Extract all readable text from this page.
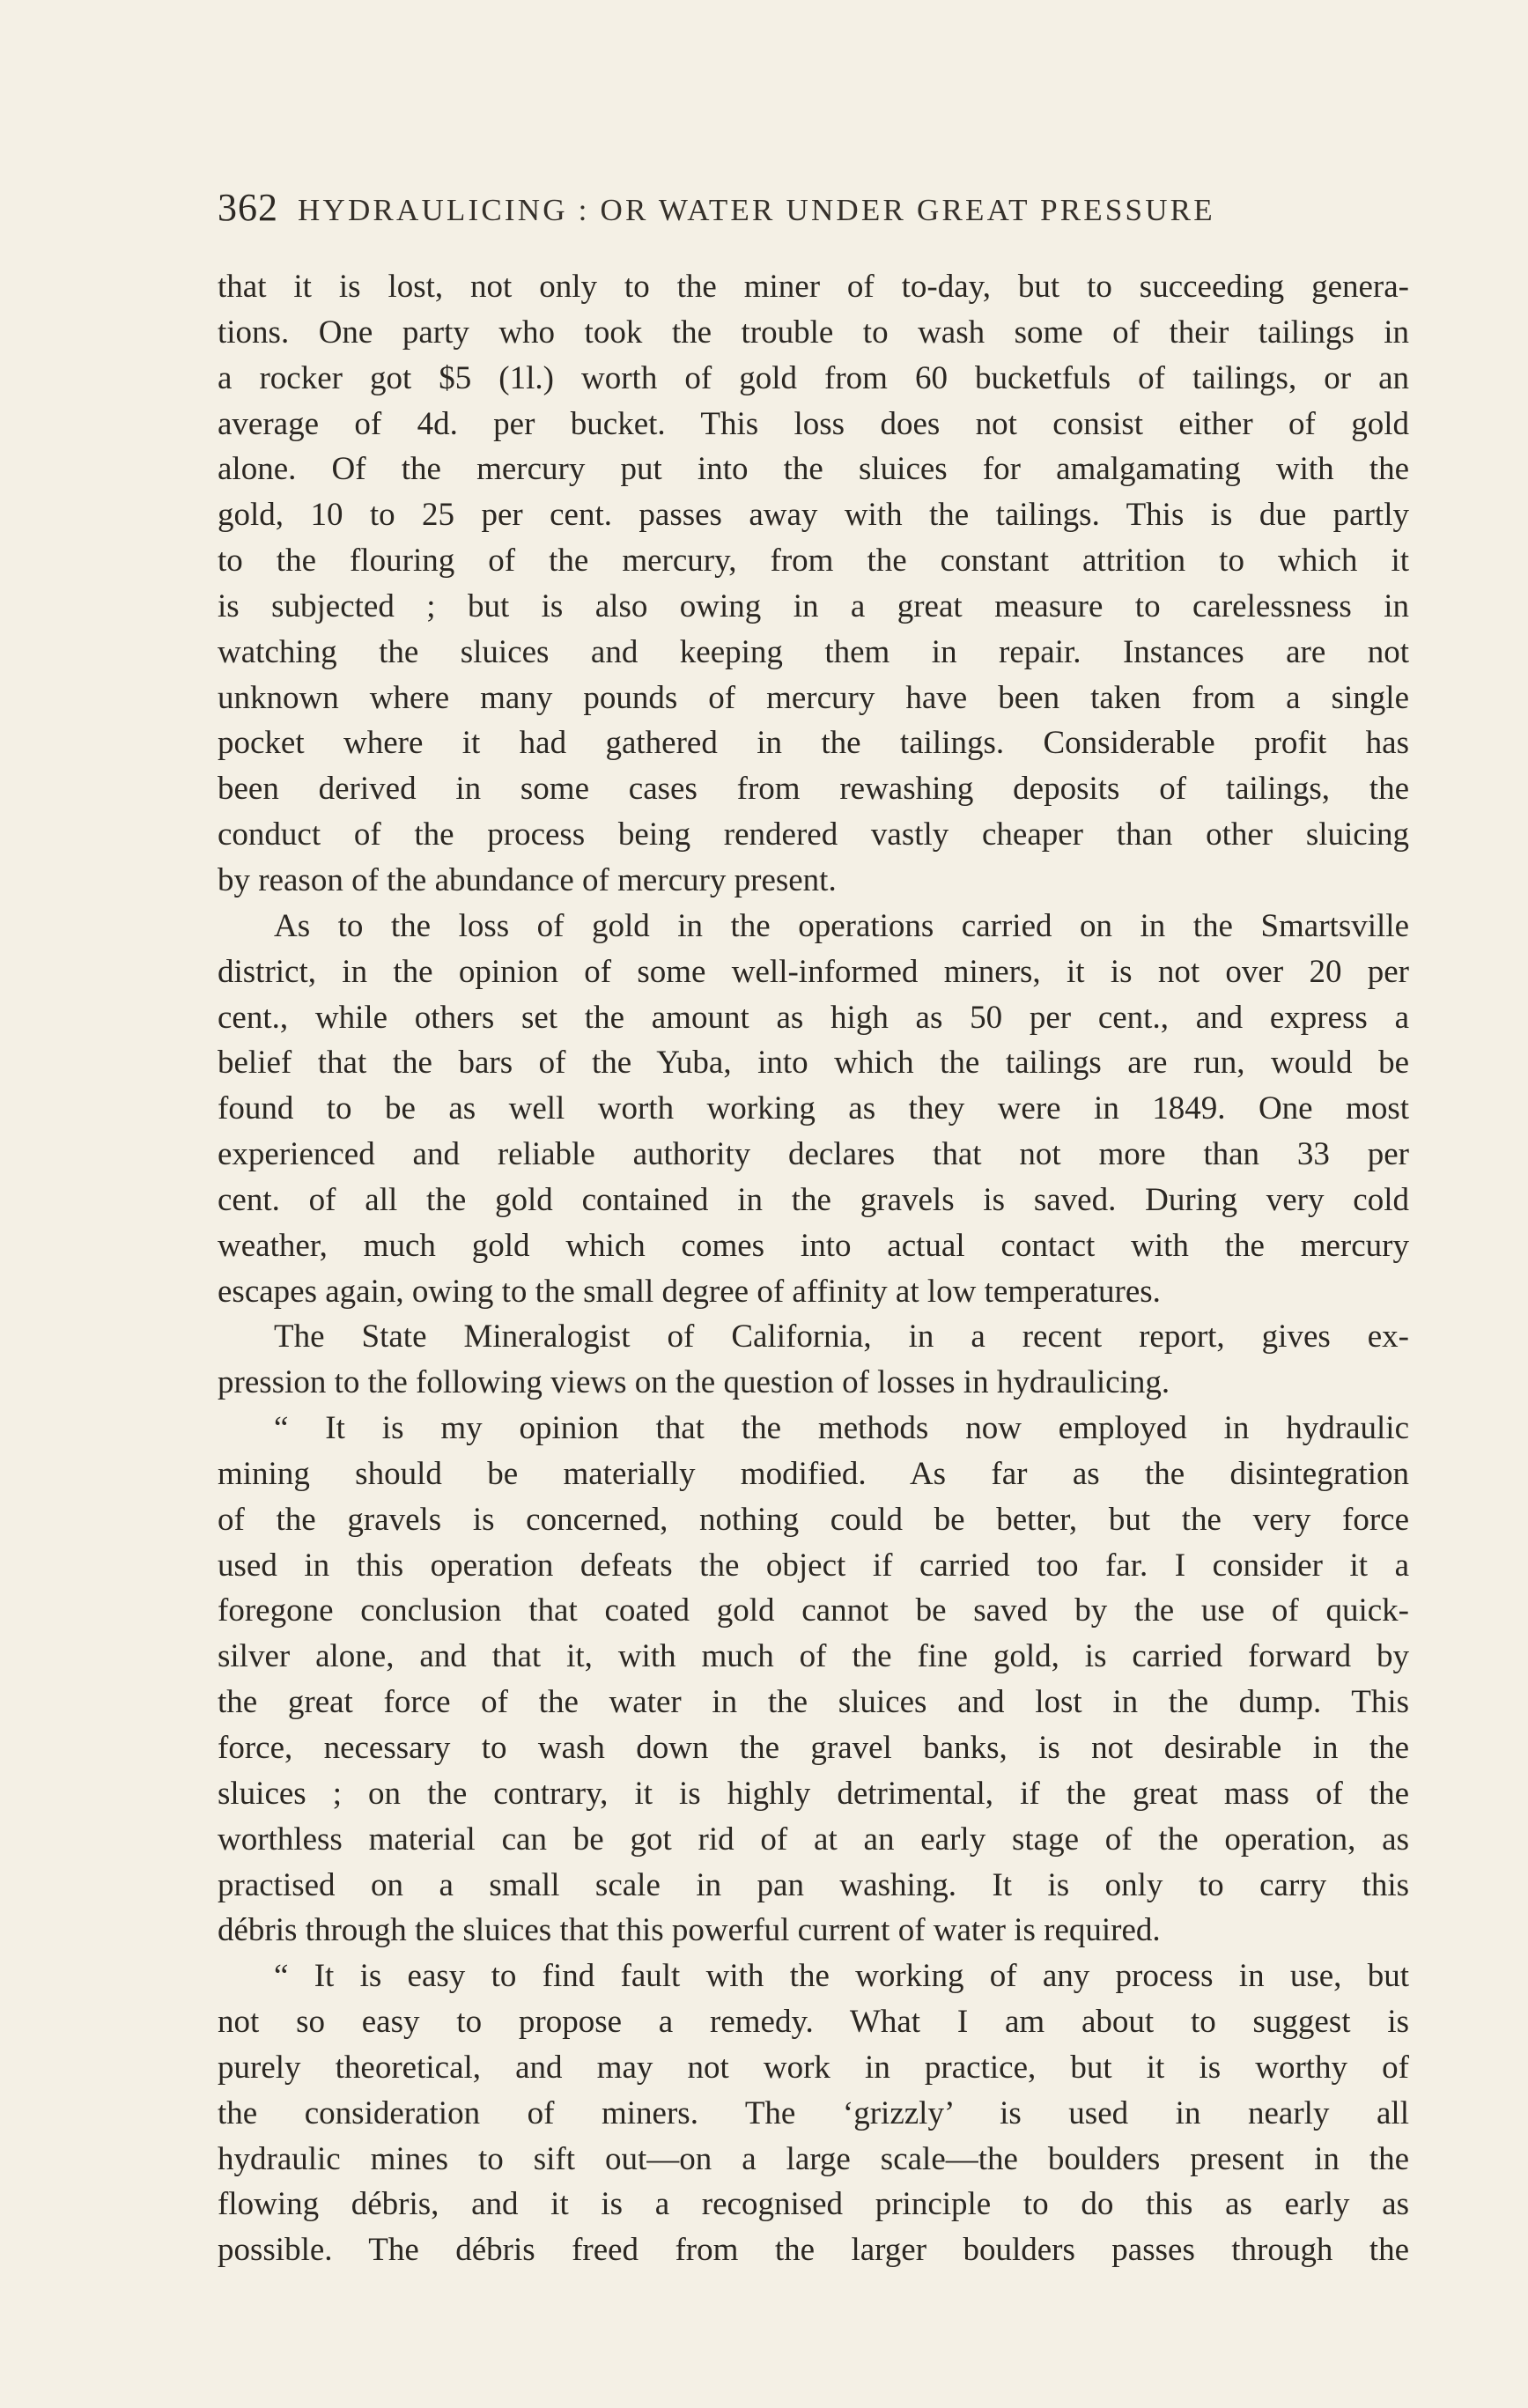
362 HYDRAULICING : OR WATER UNDER GREAT PRESSURE
that it is lost, not only to the miner of to-day, but to succeeding genera-
tions. One party who took the trouble to wash some of their tailings in
a rocker got $5 (1l.) worth of gold from 60 bucketfuls of tailings, or an
average of 4d. per bucket. This loss does not consist either of gold
alone. Of the mercury put into the sluices for amalgamating with the
gold, 10 to 25 per cent. passes away with the tailings. This is due partly
to the flouring of the mercury, from the constant attrition to which it
is subjected ; but is also owing in a great measure to carelessness in
watching the sluices and keeping them in repair. Instances are not
unknown where many pounds of mercury have been taken from a single
pocket where it had gathered in the tailings. Considerable profit has
been derived in some cases from rewashing deposits of tailings, the
conduct of the process being rendered vastly cheaper than other sluicing
by reason of the abundance of mercury present.
As to the loss of gold in the operations carried on in the Smartsville
district, in the opinion of some well-informed miners, it is not over 20 per
cent., while others set the amount as high as 50 per cent., and express a
belief that the bars of the Yuba, into which the tailings are run, would be
found to be as well worth working as they were in 1849. One most
experienced and reliable authority declares that not more than 33 per
cent. of all the gold contained in the gravels is saved. During very cold
weather, much gold which comes into actual contact with the mercury
escapes again, owing to the small degree of affinity at low temperatures.
The State Mineralogist of California, in a recent report, gives ex-
pression to the following views on the question of losses in hydraulicing.
“ It is my opinion that the methods now employed in hydraulic
mining should be materially modified. As far as the disintegration
of the gravels is concerned, nothing could be better, but the very force
used in this operation defeats the object if carried too far. I consider it a
foregone conclusion that coated gold cannot be saved by the use of quick-
silver alone, and that it, with much of the fine gold, is carried forward by
the great force of the water in the sluices and lost in the dump. This
force, necessary to wash down the gravel banks, is not desirable in the
sluices ; on the contrary, it is highly detrimental, if the great mass of the
worthless material can be got rid of at an early stage of the operation, as
practised on a small scale in pan washing. It is only to carry this
débris through the sluices that this powerful current of water is required.
“ It is easy to find fault with the working of any process in use, but
not so easy to propose a remedy. What I am about to suggest is
purely theoretical, and may not work in practice, but it is worthy of
the consideration of miners. The ‘grizzly’ is used in nearly all
hydraulic mines to sift out—on a large scale—the boulders present in the
flowing débris, and it is a recognised principle to do this as early as
possible. The débris freed from the larger boulders passes through the
